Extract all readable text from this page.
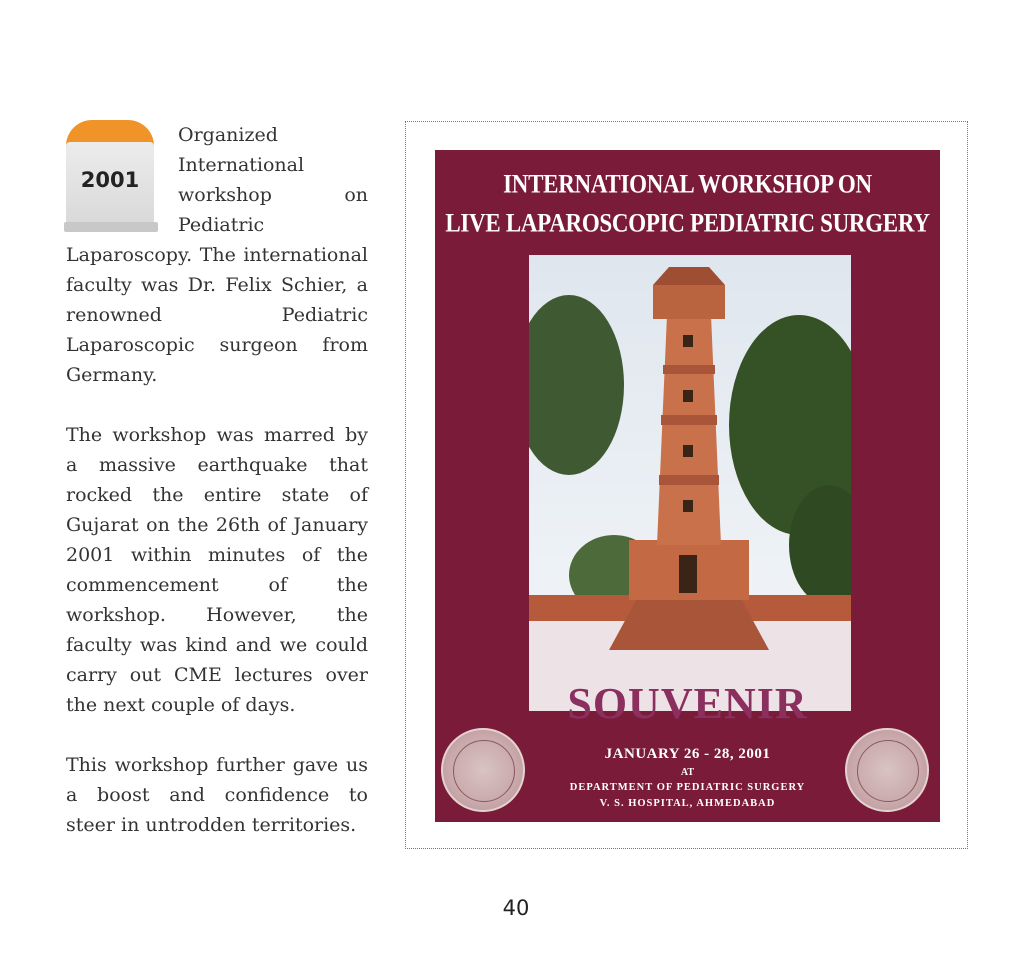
2001

Organized International workshop on Pediatric Laparoscopy. The international faculty was Dr. Felix Schier, a renowned Pediatric Laparoscopic surgeon from Germany.

The workshop was marred by a massive earthquake that rocked the entire state of Gujarat on the 26th of January 2001 within minutes of the commencement of the workshop. However, the faculty was kind and we could carry out CME lectures over the next couple of days.

This workshop further gave us a boost and confidence to steer in untrodden territories.

INTERNATIONAL WORKSHOP ON
LIVE LAPAROSCOPIC PEDIATRIC SURGERY
SOUVENIR
JANUARY 26 - 28, 2001
AT
DEPARTMENT OF PEDIATRIC SURGERY
V. S. HOSPITAL, AHMEDABAD
40
